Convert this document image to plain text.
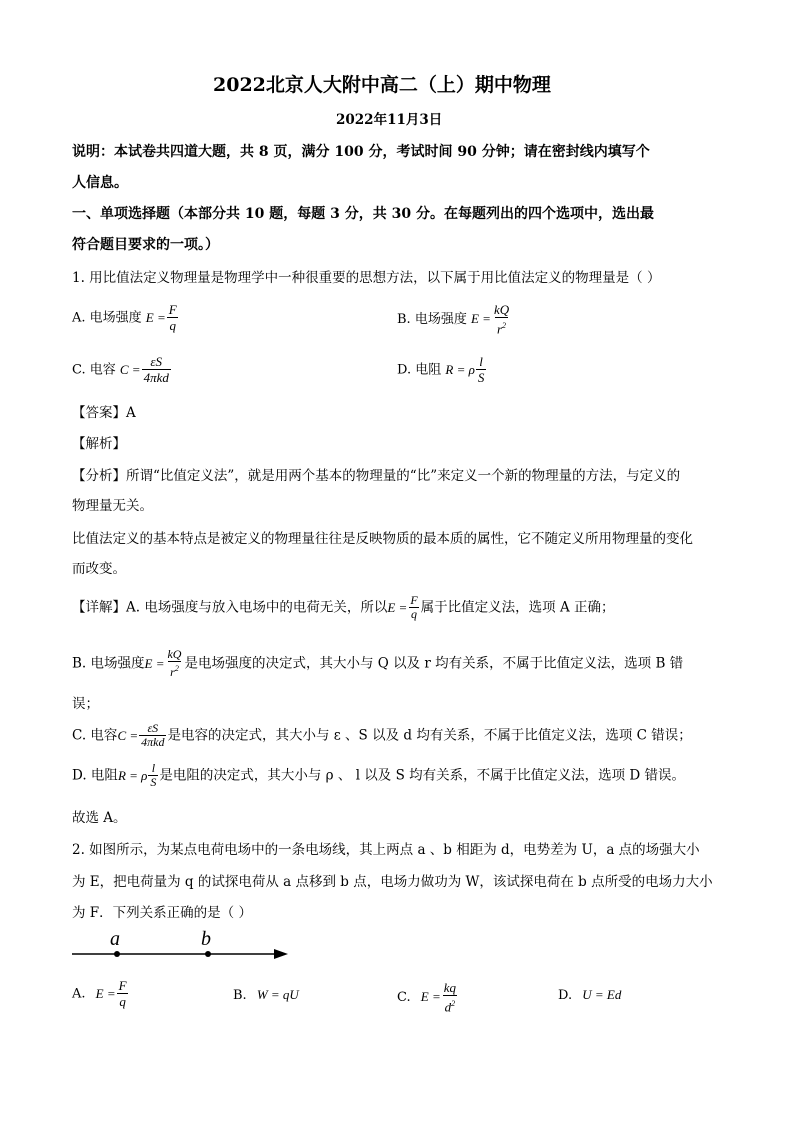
2022北京人大附中高二（上）期中物理
2022年11月3日
说明：本试卷共四道大题，共 8 页，满分 100 分，考试时间 90 分钟；请在密封线内填写个
人信息。
一、单项选择题（本部分共 10 题，每题 3 分，共 30 分。在每题列出的四个选项中，选出最
符合题目要求的一项。）
1. 用比值法定义物理量是物理学中一种很重要的思想方法，以下属于用比值法定义的物理量是（ ）
A. 电场强度 $E = \frac{F}{q}$	B. 电场强度 $E = \frac{kQ}{r^2}$
C. 电容 $C = \frac{\varepsilon S}{\text{4πkd}}$	D. 电阻 R = ρ $\frac{l}{S}$
【答案】A
【解析】
【分析】所谓“比值定义法”，就是用两个基本的物理量的“比”来定义一个新的物理量的方法，与定义的
物理量无关。
比值法定义的基本特点是被定义的物理量往往是反映物质的最本质的属性，它不随定义所用物理量的变化
而改变。
【详解】A. 电场强度与放入电场中的电荷无关，所以 $E = \frac{F}{q}$ 属于比值定义法，选项 A 正确；
B. 电场强度 $E = \frac{kQ}{r^2}$ 是电场强度的决定式，其大小与 Q 以及 r 均有关系，不属于比值定义法，选项 B 错
误；
C. 电容 $C = \frac{\varepsilon S}{\text{4πkd}}$ 是电容的决定式，其大小与 ε 、S 以及 d 均有关系，不属于比值定义法，选项 C 错误；
D. 电阻 R = ρ $\frac{l}{S}$ 是电阻的决定式，其大小与 ρ 、 l 以及 S 均有关系，不属于比值定义法，选项 D 错误。
故选 A。
2. 如图所示，为某点电荷电场中的一条电场线，其上两点 a 、b 相距为 d，电势差为 U，a 点的场强大小
为 E，把电荷量为 q 的试探电荷从 a 点移到 b 点，电场力做功为 W，该试探电荷在 b 点所受的电场力大小
为 F．下列关系正确的是（ ）
a	b
A. $E = \frac{F}{q}$	B. W = qU	C. $E = \frac{kq}{d^2}$	D. U = Ed
